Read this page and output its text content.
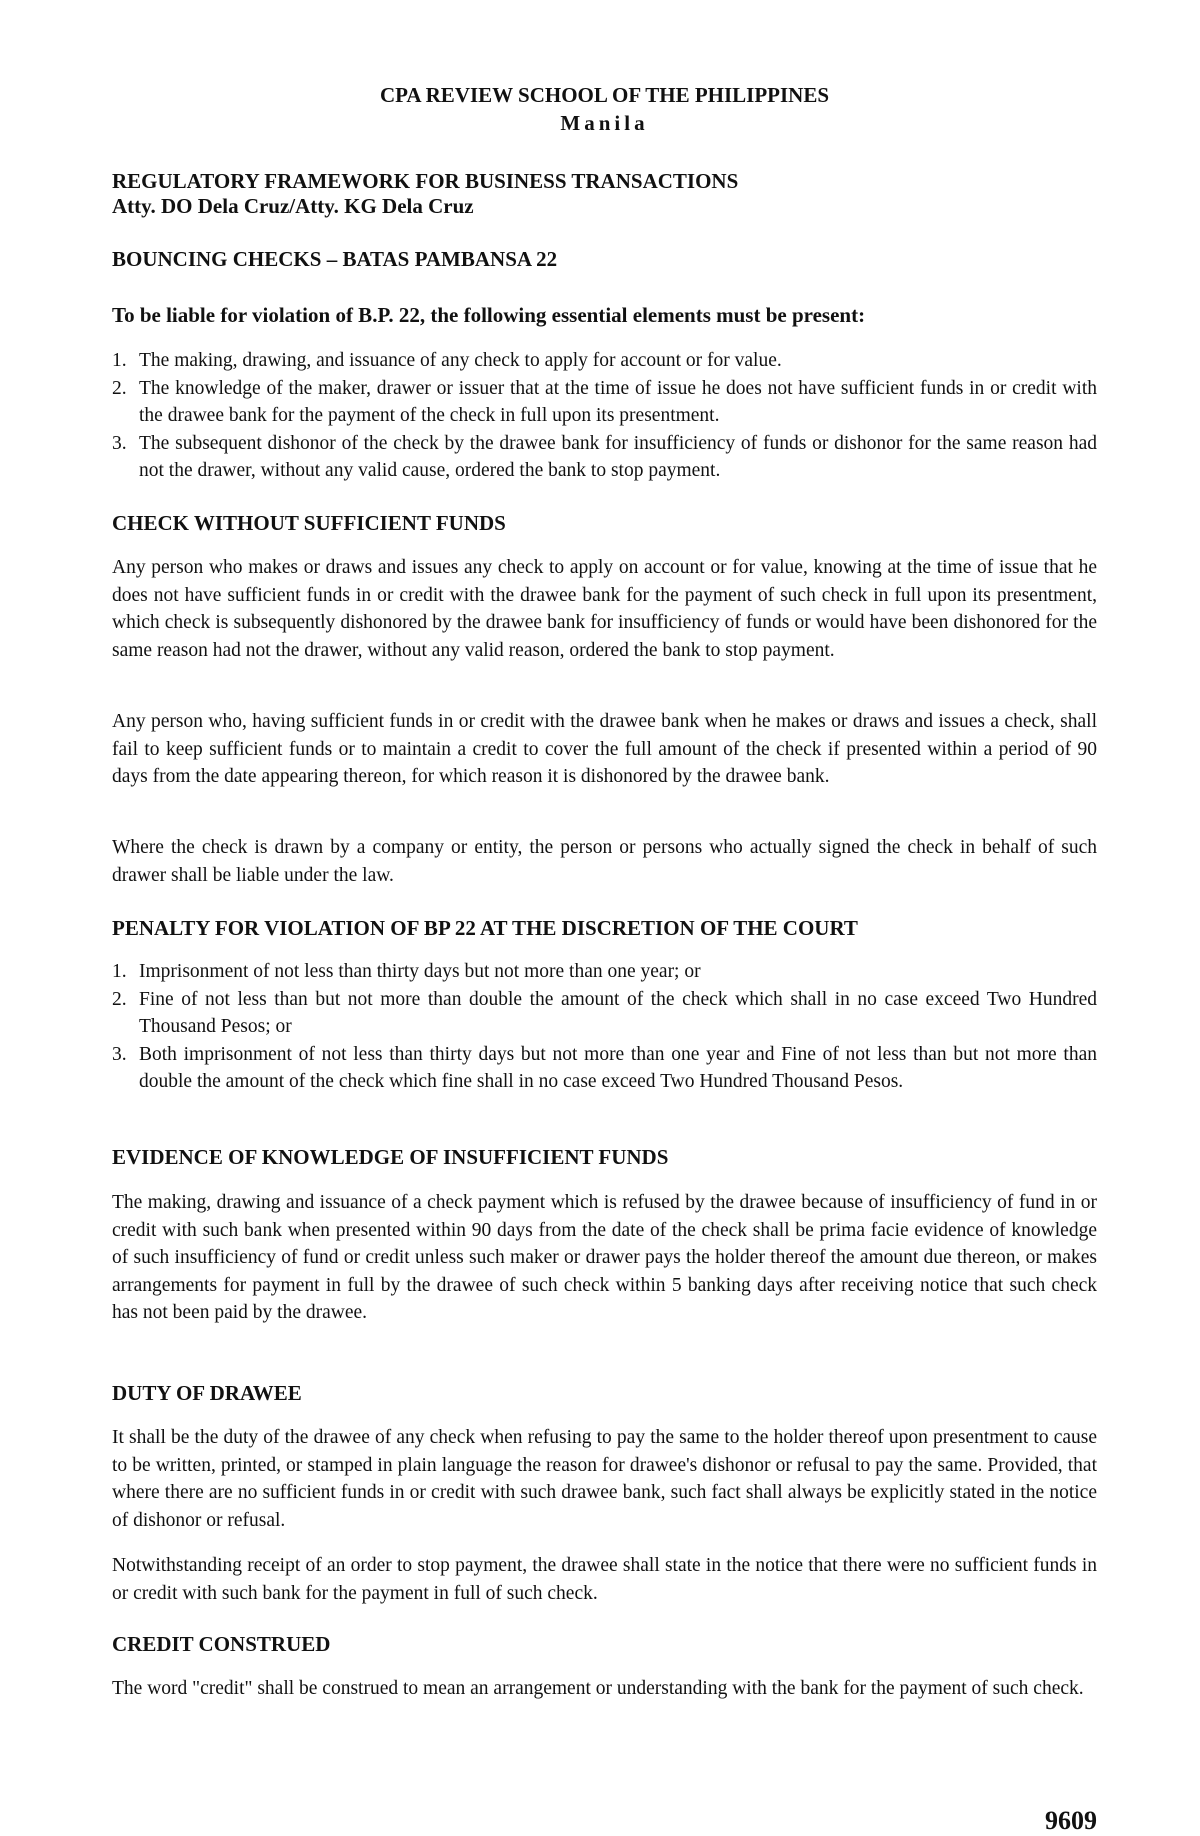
CPA REVIEW SCHOOL OF THE PHILIPPINES
Manila
REGULATORY FRAMEWORK FOR BUSINESS TRANSACTIONS
Atty. DO Dela Cruz/Atty. KG Dela Cruz
BOUNCING CHECKS – BATAS PAMBANSA 22
To be liable for violation of B.P. 22, the following essential elements must be present:
1. The making, drawing, and issuance of any check to apply for account or for value.
2. The knowledge of the maker, drawer or issuer that at the time of issue he does not have sufficient funds in or credit with the drawee bank for the payment of the check in full upon its presentment.
3. The subsequent dishonor of the check by the drawee bank for insufficiency of funds or dishonor for the same reason had not the drawer, without any valid cause, ordered the bank to stop payment.
CHECK WITHOUT SUFFICIENT FUNDS
Any person who makes or draws and issues any check to apply on account or for value, knowing at the time of issue that he does not have sufficient funds in or credit with the drawee bank for the payment of such check in full upon its presentment, which check is subsequently dishonored by the drawee bank for insufficiency of funds or would have been dishonored for the same reason had not the drawer, without any valid reason, ordered the bank to stop payment.
Any person who, having sufficient funds in or credit with the drawee bank when he makes or draws and issues a check, shall fail to keep sufficient funds or to maintain a credit to cover the full amount of the check if presented within a period of 90 days from the date appearing thereon, for which reason it is dishonored by the drawee bank.
Where the check is drawn by a company or entity, the person or persons who actually signed the check in behalf of such drawer shall be liable under the law.
PENALTY FOR VIOLATION OF BP 22 AT THE DISCRETION OF THE COURT
1. Imprisonment of not less than thirty days but not more than one year; or
2. Fine of not less than but not more than double the amount of the check which shall in no case exceed Two Hundred Thousand Pesos; or
3. Both imprisonment of not less than thirty days but not more than one year and Fine of not less than but not more than double the amount of the check which fine shall in no case exceed Two Hundred Thousand Pesos.
EVIDENCE OF KNOWLEDGE OF INSUFFICIENT FUNDS
The making, drawing and issuance of a check payment which is refused by the drawee because of insufficiency of fund in or credit with such bank when presented within 90 days from the date of the check shall be prima facie evidence of knowledge of such insufficiency of fund or credit unless such maker or drawer pays the holder thereof the amount due thereon, or makes arrangements for payment in full by the drawee of such check within 5 banking days after receiving notice that such check has not been paid by the drawee.
DUTY OF DRAWEE
It shall be the duty of the drawee of any check when refusing to pay the same to the holder thereof upon presentment to cause to be written, printed, or stamped in plain language the reason for drawee's dishonor or refusal to pay the same. Provided, that where there are no sufficient funds in or credit with such drawee bank, such fact shall always be explicitly stated in the notice of dishonor or refusal.
Notwithstanding receipt of an order to stop payment, the drawee shall state in the notice that there were no sufficient funds in or credit with such bank for the payment in full of such check.
CREDIT CONSTRUED
The word "credit" shall be construed to mean an arrangement or understanding with the bank for the payment of such check.
9609
